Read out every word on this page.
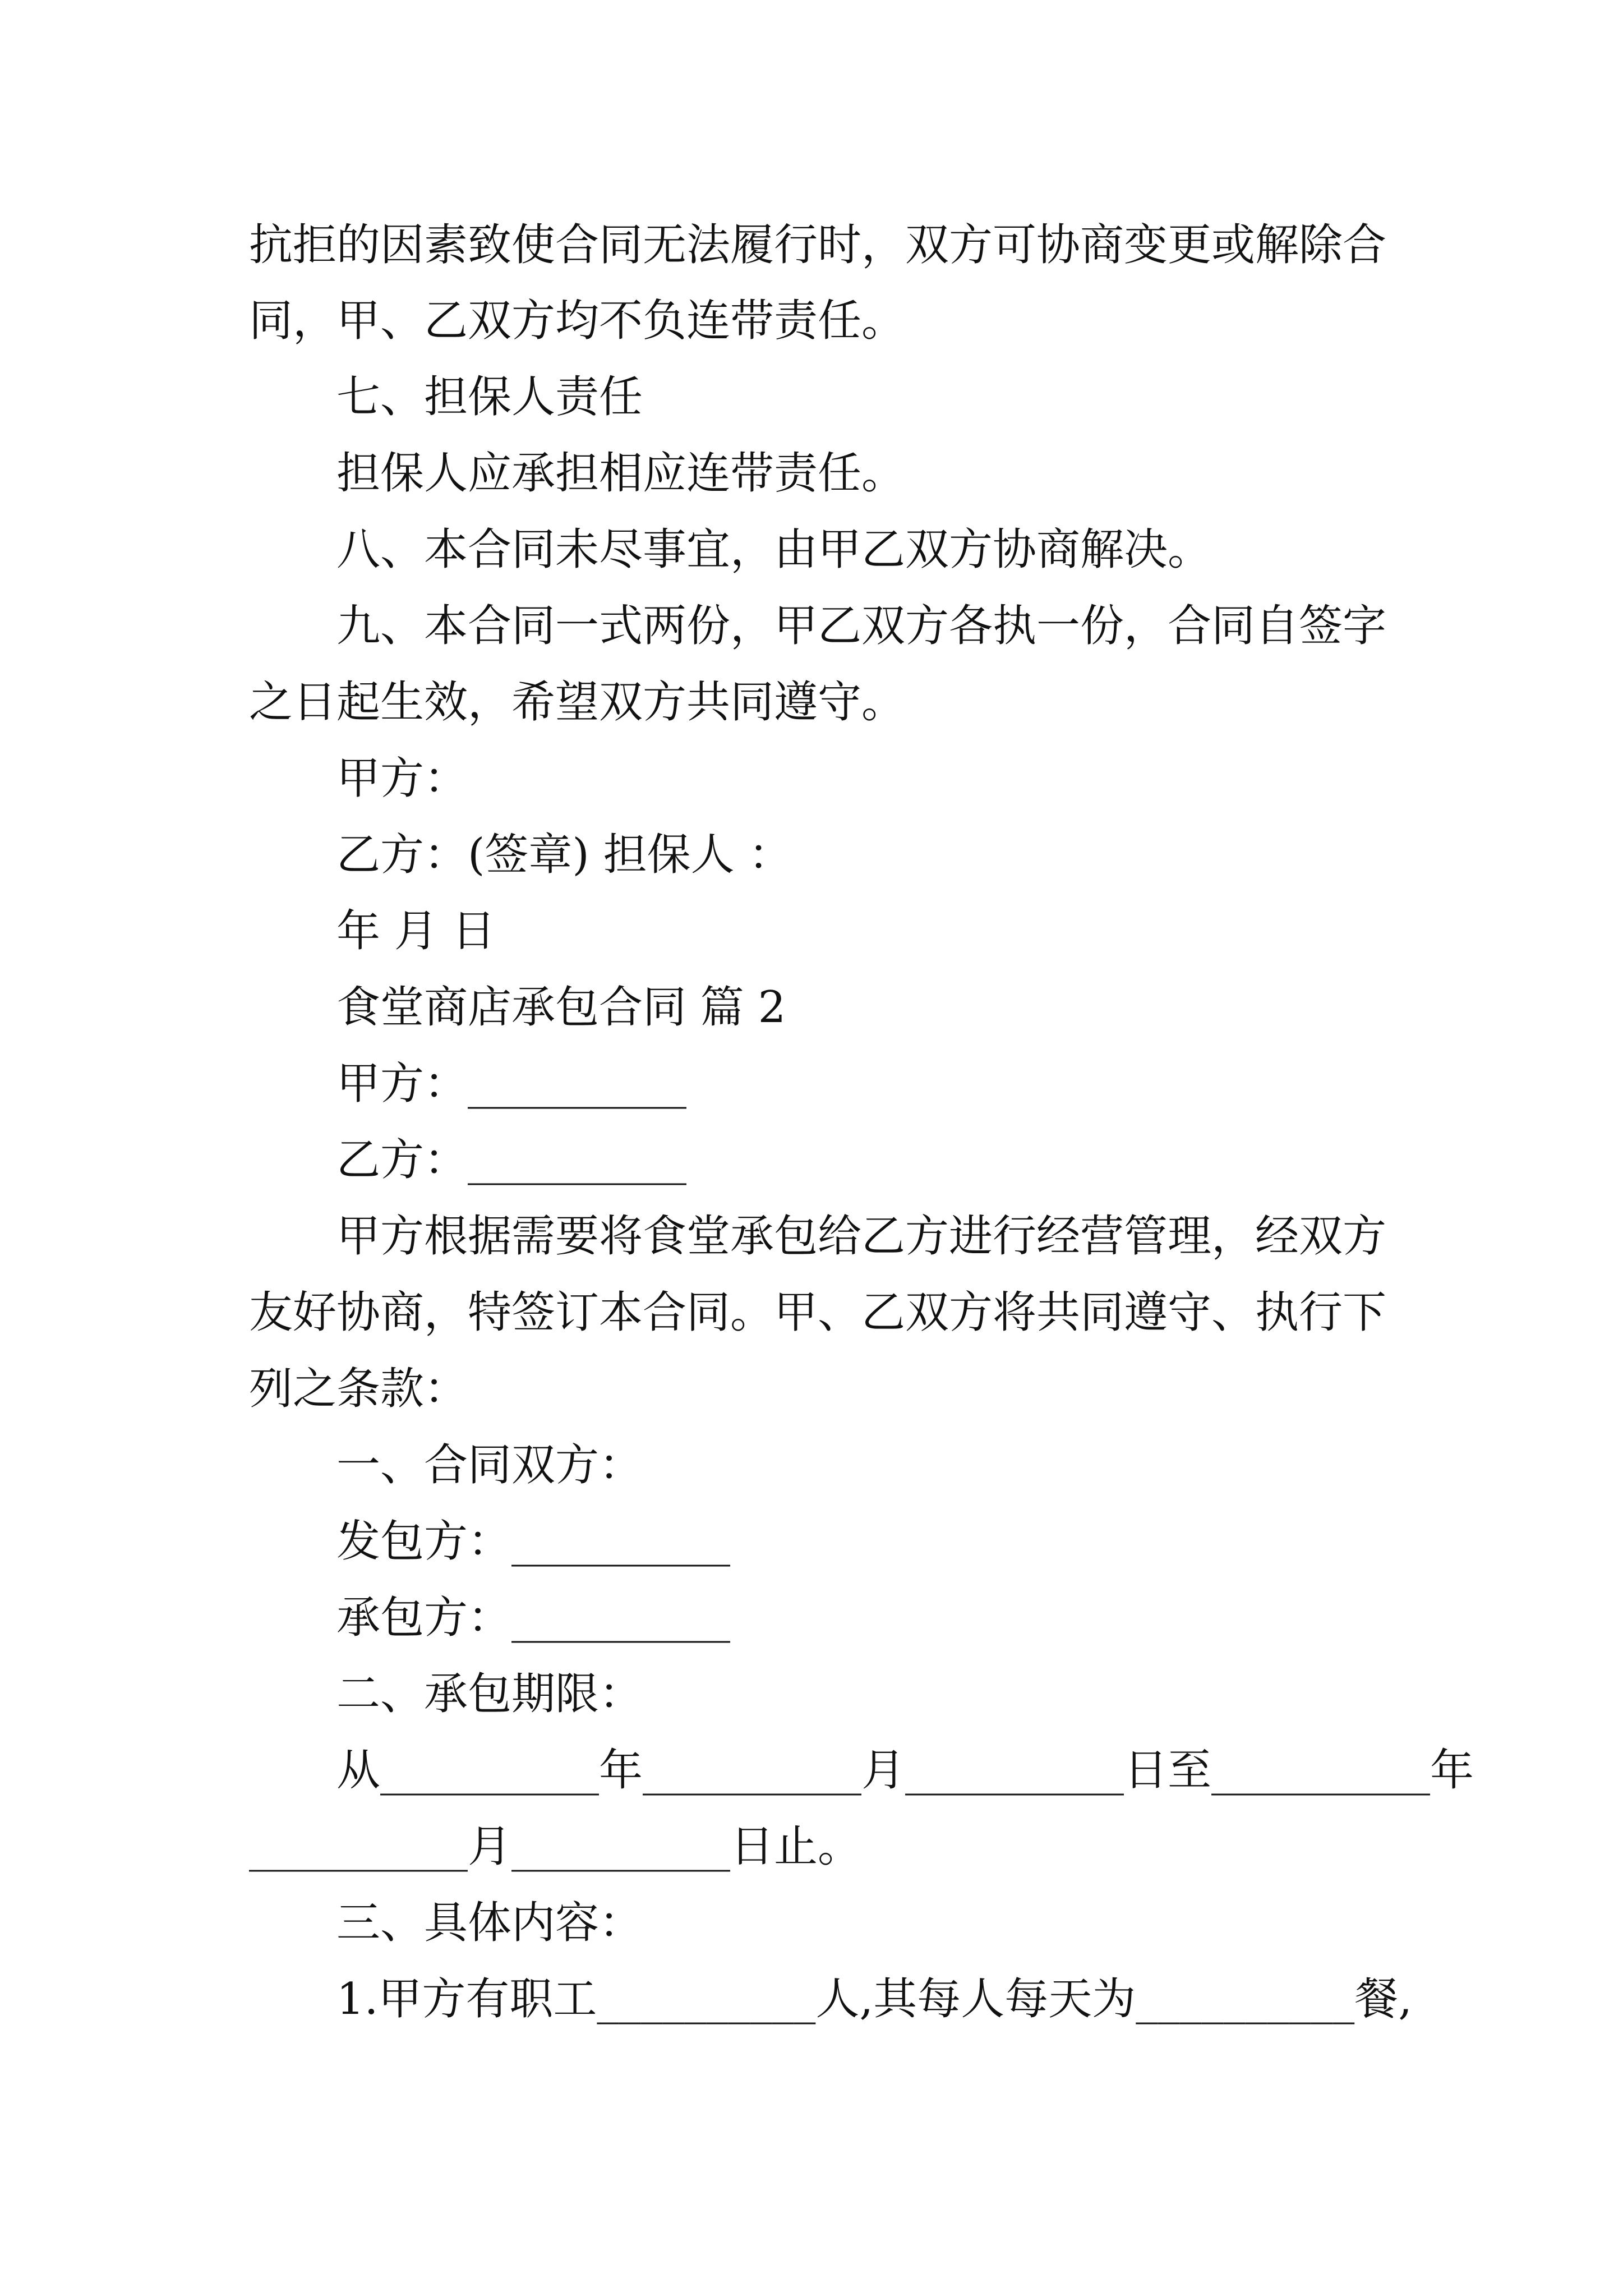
抗拒的因素致使合同无法履行时，双方可协商变更或解除合
同，甲、乙双方均不负连带责任。
七、担保人责任
担保人应承担相应连带责任。
八、本合同未尽事宜，由甲乙双方协商解决。
九、本合同一式两份，甲乙双方各执一份，合同自签字
之日起生效，希望双方共同遵守。
甲方：
乙方：(签章) 担保人 ：
年 月 日
食堂商店承包合同 篇 2
甲方：__________
乙方：__________
甲方根据需要将食堂承包给乙方进行经营管理，经双方
友好协商，特签订本合同。甲、乙双方将共同遵守、执行下
列之条款：
一、合同双方：
发包方：__________
承包方：__________
二、承包期限：
从__________年__________月__________日至__________年
__________月__________日止。
三、具体内容：
1.甲方有职工__________人,其每人每天为__________餐,
